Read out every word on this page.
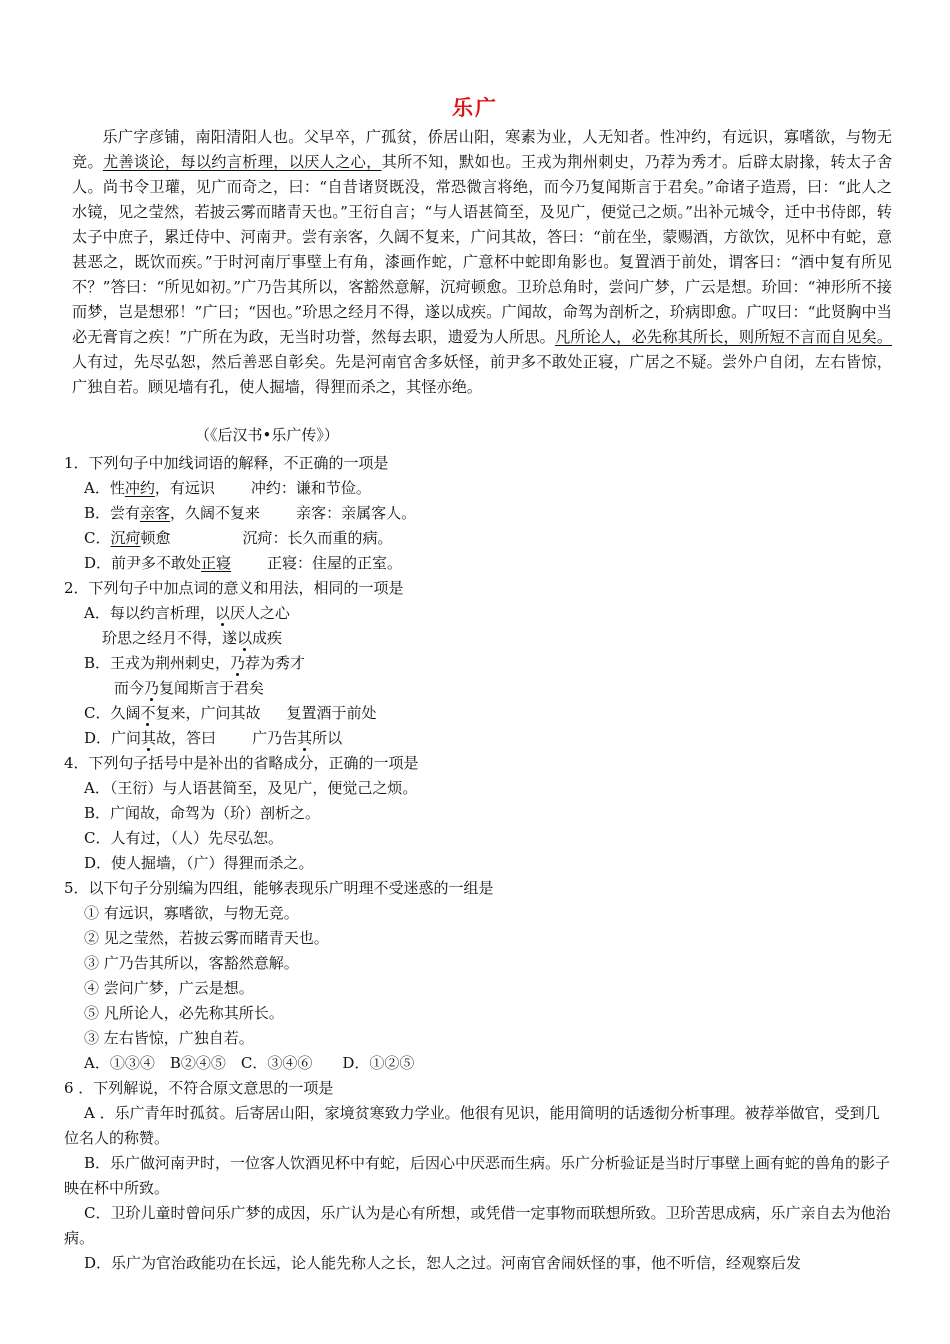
乐广

乐广字彦铺，南阳清阳人也。父早卒，广孤贫，侨居山阳，寒素为业，人无知者。性冲约，有远识，寡嗜欲，与物无竞。尤善谈论，每以约言析理，以厌人之心，其所不知，默如也。王戎为荆州刺史，乃荐为秀才。后辟太尉掾，转太子舍人。尚书令卫瓘，见广而奇之，曰：“自昔诸贤既没，常恐微言将绝，而今乃复闻斯言于君矣。”命诸子造焉，曰：“此人之水镜，见之莹然，若披云雾而睹青天也。”王衍自言；“与人语甚简至，及见广，便觉己之烦。”出补元城令，迁中书侍郎，转太子中庶子，累迁侍中、河南尹。尝有亲客，久阔不复来，广问其故，答曰：“前在坐，蒙赐酒，方欲饮，见杯中有蛇，意甚恶之，既饮而疾。”于时河南厅事壁上有角，漆画作蛇，广意杯中蛇即角影也。复置酒于前处，谓客曰：“酒中复有所见不？”答曰：“所见如初。”广乃告其所以，客豁然意解，沉疴顿愈。卫玠总角时，尝问广梦，广云是想。玠回：“神形所不接而梦，岂是想邪！”广曰；“因也。”玠思之经月不得，遂以成疾。广闻故，命驾为剖析之，玠病即愈。广叹曰：“此贤胸中当必无膏肓之疾！”广所在为政，无当时功誉，然每去职，遗爱为人所思。凡所论人，必先称其所长，则所短不言而自见矣。人有过，先尽弘恕，然后善恶自彰矣。先是河南官舍多妖怪，前尹多不敢处正寝，广居之不疑。尝外户自闭，左右皆惊，广独自若。顾见墙有孔，使人掘墙，得狸而杀之，其怪亦绝。

（《后汉书•乐广传》）
1．下列句子中加线词语的解释，不正确的一项是
A．性冲约，有远识 冲约：谦和节俭。
B．尝有亲客，久阔不复来 亲客：亲属客人。
C．沉疴顿愈	沉疴：长久而重的病。
D．前尹多不敢处正寝 正寝：住屋的正室。
2．下列句子中加点词的意义和用法，相同的一项是
A．每以约言析理，以厌人之心
玠思之经月不得，遂以成疾
B．王戎为荆州刺史，乃荐为秀才
而今乃复闻斯言于君矣
C．久阔不复来，广问其故 复置酒于前处
D．广问其故，答曰 广乃告其所以
4．下列句子括号中是补出的省略成分，正确的一项是
A．（王衍）与人语甚简至，及见广，便觉己之烦。
B．广闻故，命驾为（玠）剖析之。
C．人有过，（人）先尽弘恕。
D．使人掘墙，（广）得狸而杀之。
5．以下句子分别编为四组，能够表现乐广明理不受迷惑的一组是
① 有远识，寡嗜欲，与物无竞。
② 见之莹然，若披云雾而睹青天也。
③ 广乃告其所以，客豁然意解。
④ 尝问广梦，广云是想。
⑤ 凡所论人，必先称其所长。
③ 左右皆惊，广独自若。
A．①③④　B②④⑤　C．③④⑥　　D．①②⑤
6 ．下列解说，不符合原文意思的一项是
A ．乐广青年时孤贫。后寄居山阳，家境贫寒致力学业。他很有见识，能用简明的话透彻分析事理。被荐举做官，受到几位名人的称赞。
B．乐广做河南尹时，一位客人饮酒见杯中有蛇，后因心中厌恶而生病。乐广分析验证是当时厅事壁上画有蛇的兽角的影子映在杯中所致。
C．卫玠儿童时曾问乐广梦的成因，乐广认为是心有所想，或凭借一定事物而联想所致。卫玠苦思成病，乐广亲自去为他治病。
D．乐广为官治政能功在长远，论人能先称人之长，恕人之过。河南官舍闹妖怪的事，他不听信，经观察后发
